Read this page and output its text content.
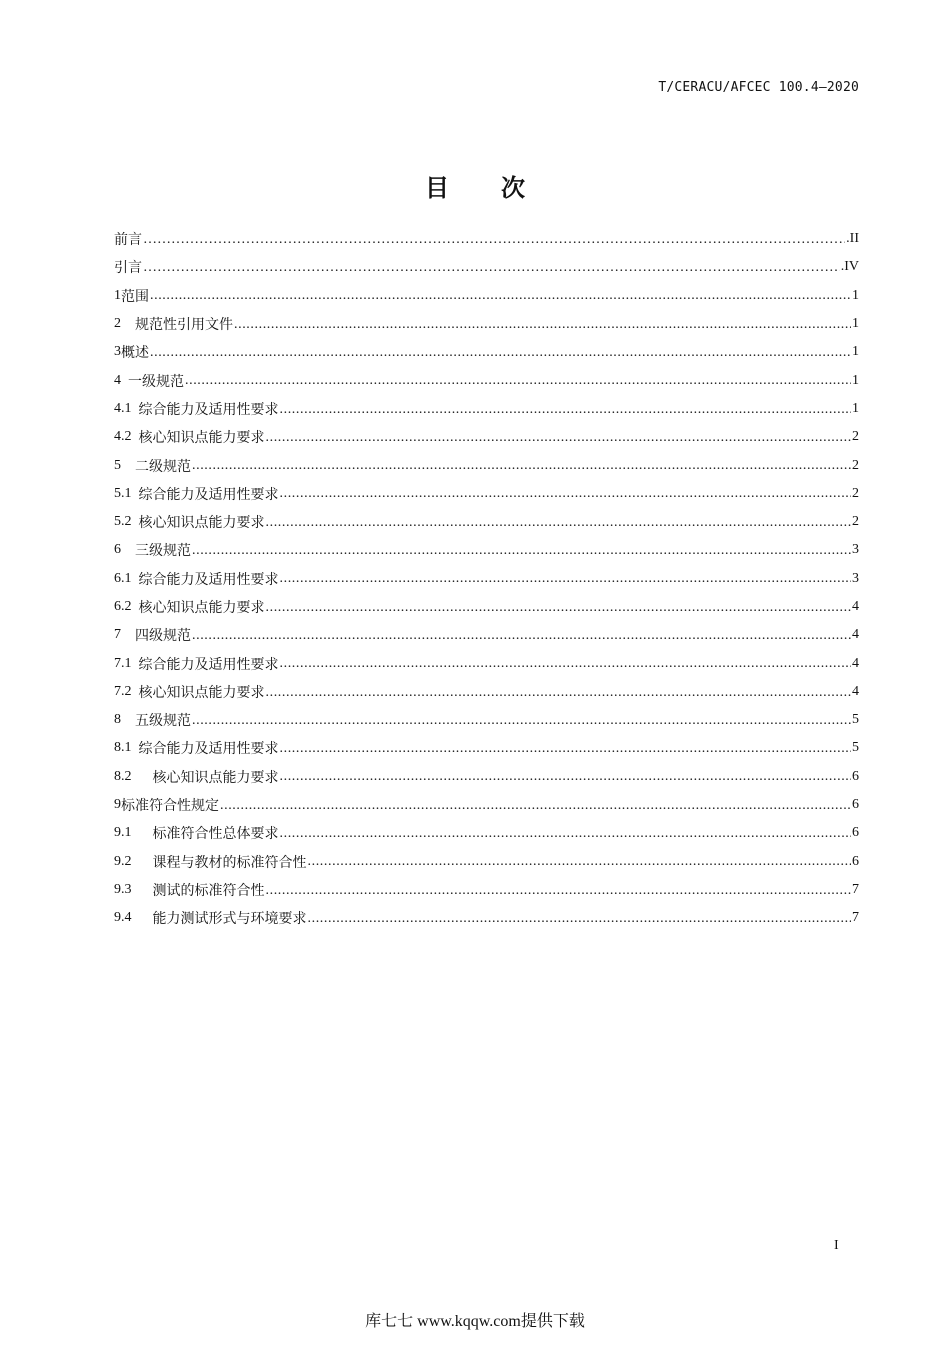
T/CERACU/AFCEC 100.4—2020
目 次
前言 ……………………………………………………………………………………………………………………………………………………………………………………………	.II
引言 ……………………………………………………………………………………………………………………………………………………………………………………………	.IV
1 范围 .....	1
2  规范性引用文件 .....	1
3 概述 .....	1
4  一级规范 .....	1
4.1  综合能力及适用性要求 .....	1
4.2  核心知识点能力要求 .....	2
5  二级规范 .....	2
5.1  综合能力及适用性要求 .....	2
5.2  核心知识点能力要求 .....	2
6  三级规范 .....	3
6.1  综合能力及适用性要求 .....	3
6.2  核心知识点能力要求 .....	4
7  四级规范 .....	4
7.1  综合能力及适用性要求 .....	4
7.2  核心知识点能力要求 .....	4
8  五级规范 .....	5
8.1  综合能力及适用性要求 .....	5
8.2   核心知识点能力要求 .....	6
9 标准符合性规定 .....	6
9.1   标准符合性总体要求 .....	6
9.2   课程与教材的标准符合性 .....	6
9.3   测试的标准符合性 .....	7
9.4   能力测试形式与环境要求 .....	7
I
库七七 www.kqqw.com提供下载
